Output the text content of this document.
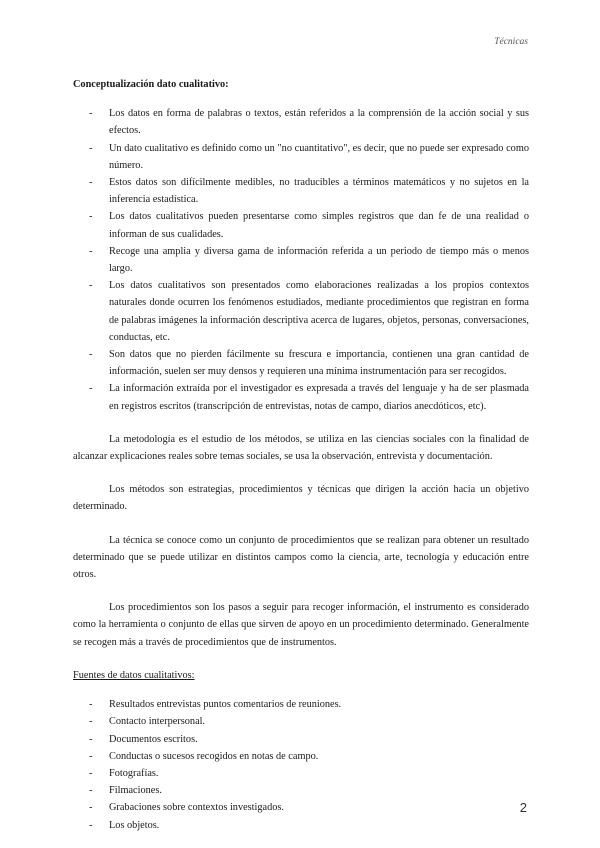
Técnicas
Conceptualización dato cualitativo:
- Los datos en forma de palabras o textos, están referidos a la comprensión de la acción social y sus efectos.
- Un dato cualitativo es definido como un "no cuantitativo", es decir, que no puede ser expresado como número.
- Estos datos son difícilmente medibles, no traducibles a términos matemáticos y no sujetos en la inferencia estadística.
- Los datos cualitativos pueden presentarse como simples registros que dan fe de una realidad o informan de sus cualidades.
- Recoge una amplia y diversa gama de información referida a un periodo de tiempo más o menos largo.
- Los datos cualitativos son presentados como elaboraciones realizadas a los propios contextos naturales donde ocurren los fenómenos estudiados, mediante procedimientos que registran en forma de palabras imágenes la información descriptiva acerca de lugares, objetos, personas, conversaciones, conductas, etc.
- Son datos que no pierden fácilmente su frescura e importancia, contienen una gran cantidad de información, suelen ser muy densos y requieren una mínima instrumentación para ser recogidos.
- La información extraída por el investigador es expresada a través del lenguaje y ha de ser plasmada en registros escritos (transcripción de entrevistas, notas de campo, diarios anecdóticos, etc).

La metodología es el estudio de los métodos, se utiliza en las ciencias sociales con la finalidad de alcanzar explicaciones reales sobre temas sociales, se usa la observación, entrevista y documentación.

Los métodos son estrategias, procedimientos y técnicas que dirigen la acción hacia un objetivo determinado.

La técnica se conoce como un conjunto de procedimientos que se realizan para obtener un resultado determinado que se puede utilizar en distintos campos como la ciencia, arte, tecnología y educación entre otros.

Los procedimientos son los pasos a seguir para recoger información, el instrumento es considerado como la herramienta o conjunto de ellas que sirven de apoyo en un procedimiento determinado. Generalmente se recogen más a través de procedimientos que de instrumentos.

Fuentes de datos cualitativos:
- Resultados entrevistas puntos comentarios de reuniones.
- Contacto interpersonal.
- Documentos escritos.
- Conductas o sucesos recogidos en notas de campo.
- Fotografías.
- Filmaciones.
- Grabaciones sobre contextos investigados.
- Los objetos.
2
